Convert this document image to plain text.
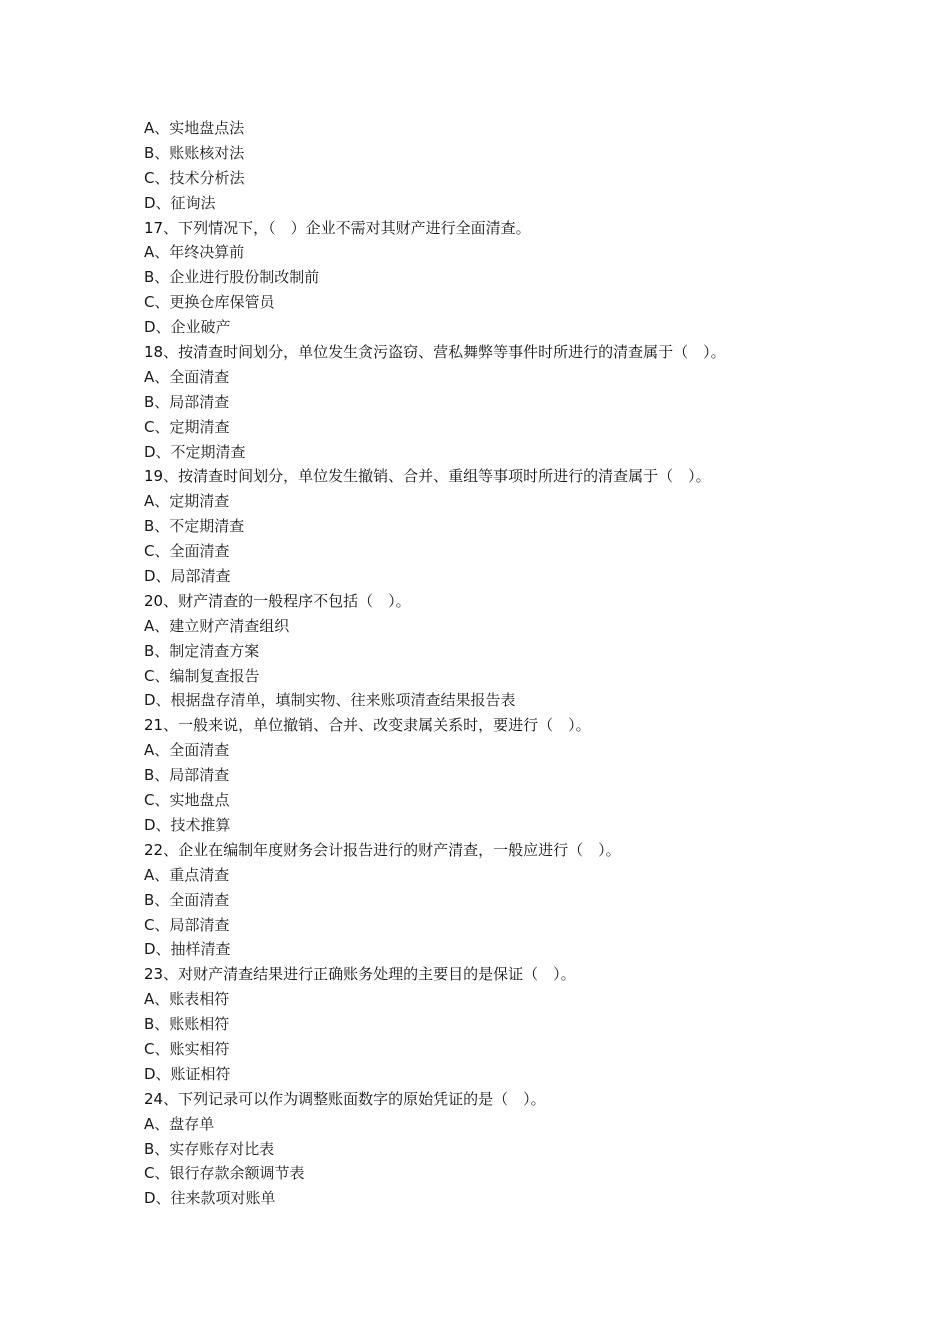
A、实地盘点法

B、账账核对法

C、技术分析法

D、征询法

17、下列情况下，（　）企业不需对其财产进行全面清查。

A、年终决算前

B、企业进行股份制改制前

C、更换仓库保管员

D、企业破产

18、按清查时间划分，单位发生贪污盗窃、营私舞弊等事件时所进行的清查属于（　）。

A、全面清查

B、局部清查

C、定期清查

D、不定期清查

19、按清查时间划分，单位发生撤销、合并、重组等事项时所进行的清查属于（　）。

A、定期清查

B、不定期清查

C、全面清查

D、局部清查

20、财产清查的一般程序不包括（　）。

A、建立财产清查组织

B、制定清查方案

C、编制复查报告

D、根据盘存清单，填制实物、往来账项清查结果报告表

21、一般来说，单位撤销、合并、改变隶属关系时，要进行（　）。

A、全面清查

B、局部清查

C、实地盘点

D、技术推算

22、企业在编制年度财务会计报告进行的财产清查，一般应进行（　）。

A、重点清查

B、全面清查

C、局部清查

D、抽样清查

23、对财产清查结果进行正确账务处理的主要目的是保证（　）。

A、账表相符

B、账账相符

C、账实相符

D、账证相符

24、下列记录可以作为调整账面数字的原始凭证的是（　）。

A、盘存单

B、实存账存对比表

C、银行存款余额调节表

D、往来款项对账单
